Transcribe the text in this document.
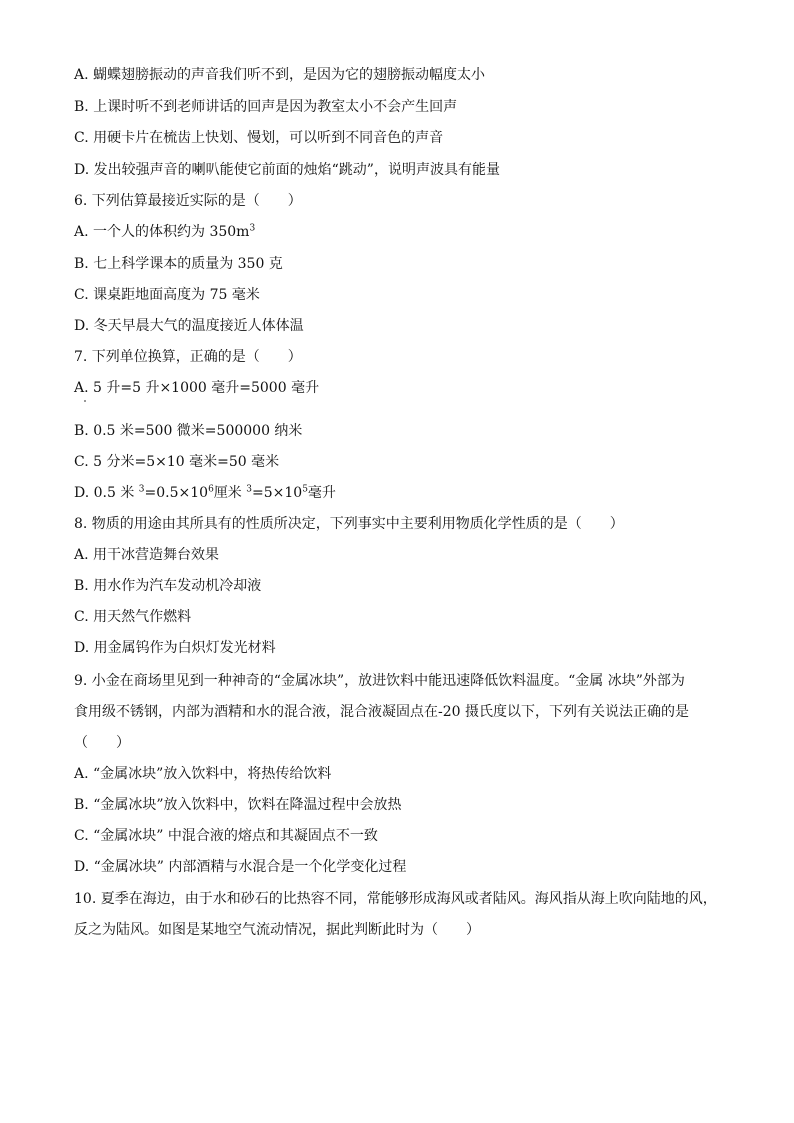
A. 蝴蝶翅膀振动的声音我们听不到，是因为它的翅膀振动幅度太小
B. 上课时听不到老师讲话的回声是因为教室太小不会产生回声
C. 用硬卡片在梳齿上快划、慢划，可以听到不同音色的声音
D. 发出较强声音的喇叭能使它前面的烛焰“跳动”，说明声波具有能量
6. 下列估算最接近实际的是（　　）
A. 一个人的体积约为 $350m^3$
B. 七上科学课本的质量为 350 克
C. 课桌距地面高度为 75 毫米
D. 冬天早晨大气的温度接近人体体温
7. 下列单位换算，正确的是（　　）
A. 5 升=5 升×1000 毫升=5000 毫升
B. 0.5 米=500 微米=500000 纳米
C. 5 分米=5×10 毫米=50 毫米
D. 0.5 米 $^3=0.5\times 10^6$厘米 $^3=5\times 10^5$毫升
8. 物质的用途由其所具有的性质所决定，下列事实中主要利用物质化学性质的是（　　）
A. 用干冰营造舞台效果
B. 用水作为汽车发动机冷却液
C. 用天然气作燃料
D. 用金属钨作为白炽灯发光材料
9. 小金在商场里见到一种神奇的“金属冰块”，放进饮料中能迅速降低饮料温度。“金属 冰块”外部为
食用级不锈钢，内部为酒精和水的混合液，混合液凝固点在-20 摄氏度以下，下列有关说法正确的是
（　　）
A. “金属冰块”放入饮料中，将热传给饮料
B. “金属冰块”放入饮料中，饮料在降温过程中会放热
C. “金属冰块” 中混合液的熔点和其凝固点不一致
D. “金属冰块” 内部酒精与水混合是一个化学变化过程
10. 夏季在海边，由于水和砂石的比热容不同，常能够形成海风或者陆风。海风指从海上吹向陆地的风，
反之为陆风。如图是某地空气流动情况，据此判断此时为（　　）
